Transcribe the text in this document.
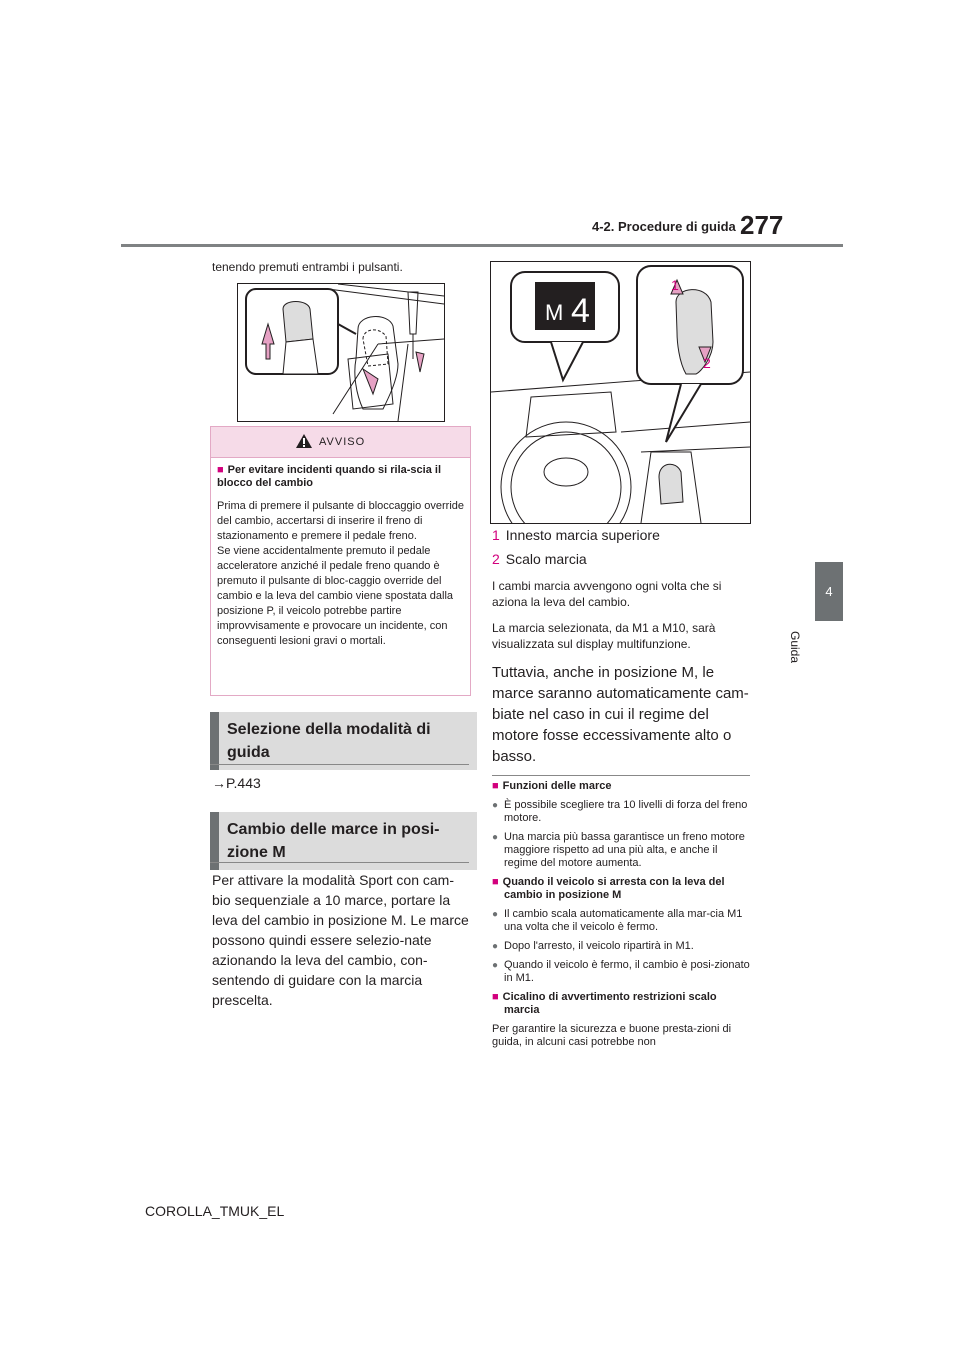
4-2. Procedure di guida 277
4
Guida
tenendo premuti entrambi i pulsanti.
AVVISO
■ Per evitare incidenti quando si rila-scia il blocco del cambio
Prima di premere il pulsante di bloccaggio override del cambio, accertarsi di inserire il freno di stazionamento e premere il pedale freno.
Se viene accidentalmente premuto il pedale acceleratore anziché il pedale freno quando è premuto il pulsante di bloc-caggio override del cambio e la leva del cambio viene spostata dalla posizione P, il veicolo potrebbe partire improvvisamente e provocare un incidente, con conseguenti lesioni gravi o mortali.
Selezione della modalità di guida
→P.443
Cambio delle marce in posi-zione M
Per attivare la modalità Sport con cam-bio sequenziale a 10 marce, portare la leva del cambio in posizione M. Le marce possono quindi essere selezio-nate azionando la leva del cambio, con-sentendo di guidare con la marcia prescelta.
M 4
1
2
1 Innesto marcia superiore
2 Scalo marcia
I cambi marcia avvengono ogni volta che si aziona la leva del cambio.
La marcia selezionata, da M1 a M10, sarà visualizzata sul display multifunzione.
Tuttavia, anche in posizione M, le marce saranno automaticamente cam-biate nel caso in cui il regime del motore fosse eccessivamente alto o basso.
■ Funzioni delle marce
● È possibile scegliere tra 10 livelli di forza del freno motore.
● Una marcia più bassa garantisce un freno motore maggiore rispetto ad una più alta, e anche il regime del motore aumenta.
■ Quando il veicolo si arresta con la leva del cambio in posizione M
● Il cambio scala automaticamente alla mar-cia M1 una volta che il veicolo è fermo.
● Dopo l'arresto, il veicolo ripartirà in M1.
● Quando il veicolo è fermo, il cambio è posi-zionato in M1.
■ Cicalino di avvertimento restrizioni scalo marcia
Per garantire la sicurezza e buone presta-zioni di guida, in alcuni casi potrebbe non
COROLLA_TMUK_EL
